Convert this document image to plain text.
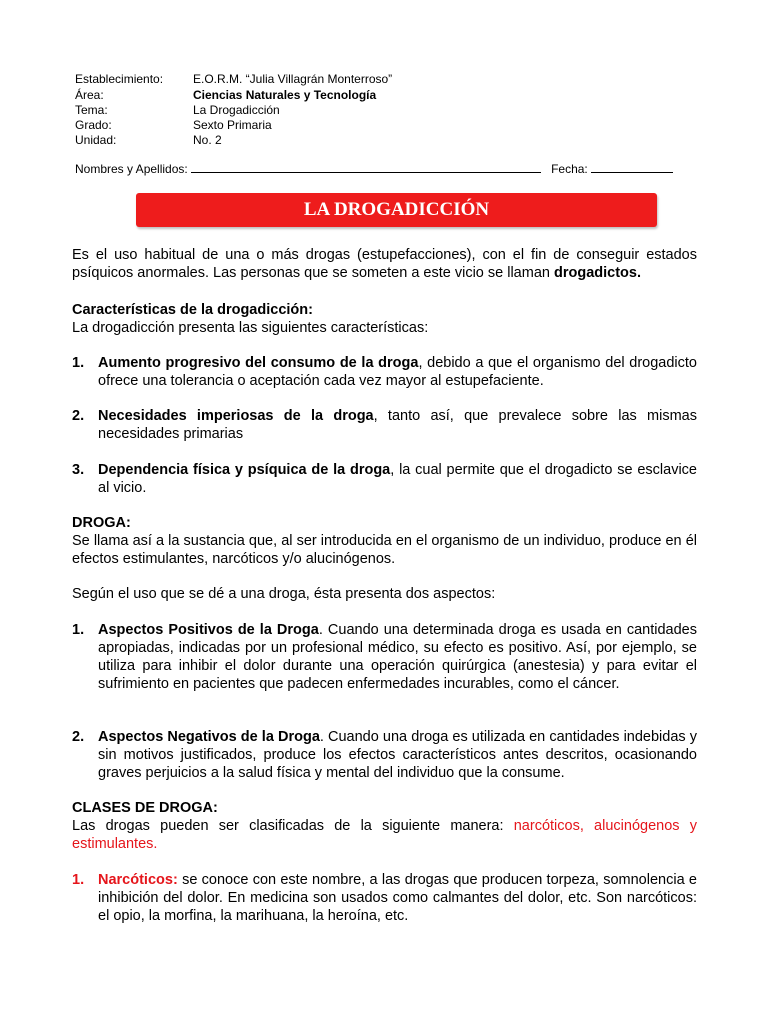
Establecimiento: E.O.R.M. “Julia Villagrán Monterroso”
Área:	Ciencias Naturales y Tecnología
Tema:	La Drogadicción
Grado:	Sexto Primaria
Unidad:	No. 2
Nombres y Apellidos:	Fecha:
LA DROGADICCIÓN
Es el uso habitual de una o más drogas (estupefacciones), con el fin de conseguir estados psíquicos anormales. Las personas que se someten a este vicio se llaman drogadictos.
Características de la drogadicción:
La drogadicción presenta las siguientes características:
1. Aumento progresivo del consumo de la droga, debido a que el organismo del drogadicto ofrece una tolerancia o aceptación cada vez mayor al estupefaciente.
2. Necesidades imperiosas de la droga, tanto así, que prevalece sobre las mismas necesidades primarias
3. Dependencia física y psíquica de la droga, la cual permite que el drogadicto se esclavice al vicio.
DROGA:
Se llama así a la sustancia que, al ser introducida en el organismo de un individuo, produce en él efectos estimulantes, narcóticos y/o alucinógenos.
Según el uso que se dé a una droga, ésta presenta dos aspectos:
1. Aspectos Positivos de la Droga. Cuando una determinada droga es usada en cantidades apropiadas, indicadas por un profesional médico, su efecto es positivo. Así, por ejemplo, se utiliza para inhibir el dolor durante una operación quirúrgica (anestesia) y para evitar el sufrimiento en pacientes que padecen enfermedades incurables, como el cáncer.
2. Aspectos Negativos de la Droga. Cuando una droga es utilizada en cantidades indebidas y sin motivos justificados, produce los efectos característicos antes descritos, ocasionando graves perjuicios a la salud física y mental del individuo que la consume.
CLASES DE DROGA:
Las drogas pueden ser clasificadas de la siguiente manera: narcóticos, alucinógenos y estimulantes.
1. Narcóticos: se conoce con este nombre, a las drogas que producen torpeza, somnolencia e inhibición del dolor. En medicina son usados como calmantes del dolor, etc. Son narcóticos: el opio, la morfina, la marihuana, la heroína, etc.
